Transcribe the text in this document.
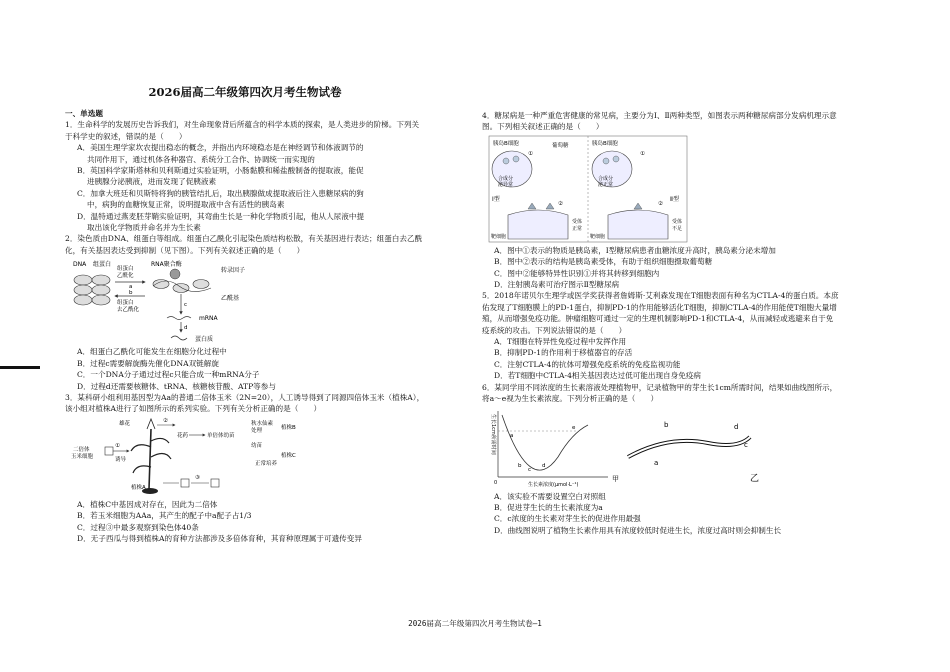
2026届高二年级第四次月考生物试卷
一、单选题

1．生命科学的发展历史告诉我们，对生命现象背后所蕴含的科学本质的探索，是人类进步的阶梯。下列关于科学史的叙述，错误的是（　　）

A．美国生理学家坎农提出稳态的概念，并指出内环境稳态是在神经调节和体液调节的

共同作用下，通过机体各种器官、系统分工合作、协调统一而实现的

B．英国科学家斯塔林和贝利斯通过实验证明，小肠黏膜和稀盐酸制备的提取液，能促

进胰腺分泌胰液，进而发现了促胰液素

C．加拿大班廷和贝斯特将狗的胰管结扎后，取出胰腺做成提取液后注入患糖尿病的狗

中，病狗的血糖恢复正常，说明提取液中含有活性的胰岛素

D．温特通过燕麦胚芽鞘实验证明，其弯曲生长是一种化学物质引起，他从人尿液中提

取出该化学物质并命名并为生长素

2．染色质由DNA、组蛋白等组成。组蛋白乙酰化引起染色质结构松散，有关基因进行表达；组蛋白去乙酰化，有关基因表达受到抑制（见下图）。下列有关叙述正确的是（　　）

DNA 组蛋白
组蛋白
乙酰化
组蛋白
去乙酰化
a
b
RNA聚合酶
转录因子
乙酰基
c
mRNA
d
蛋白质

A．组蛋白乙酰化可能发生在细胞分化过程中

B．过程c需要解旋酶先催化DNA双链解旋

C．一个DNA分子通过过程c只能合成一种mRNA分子

D．过程d还需要核糖体、tRNA、核糖核苷酸、ATP等参与

3．某科研小组利用基因型为Aa的普通二倍体玉米（2N=20），人工诱导得到了同源四倍体玉米（植株A），该小组对植株A进行了如图所示的系列实验。下列有关分析正确的是（　　）

二倍体
玉米细胞	诱导
①
雄花
植株A
②
花药	单倍体幼苗
秋水仙素
处理	植株B
幼苗
正常培养
植株C
③

A．植株C中基因成对存在，因此为二倍体

B．若玉米细胞为AAa，其产生的配子中a配子占1/3

C．过程③中最多观察到染色体40条

D．无子西瓜与得到植株A的育种方法都涉及多倍体育种，其育种原理属于可遗传变异

4．糖尿病是一种严重危害健康的常见病，主要分为Ⅰ、Ⅱ两种类型，如图表示两种糖尿病部分发病机理示意图。下列相关叙述正确的是（　　）

胰岛B细胞	胰岛B细胞
葡萄糖
合成分
泌异常
合成分
泌正常
①	①
Ⅰ型	Ⅱ型
②	②
靶细胞	靶细胞
受体
正常
受体
不足

A．图中①表示的物质是胰岛素，Ⅰ型糖尿病患者血糖浓度升高时，胰岛素分泌未增加

B．图中②表示的结构是胰岛素受体，有助于组织细胞摄取葡萄糖

C．图中②能够特异性识别①并将其转移到细胞内

D．注射胰岛素可治疗图示Ⅱ型糖尿病

5．2018年诺贝尔生理学或医学奖获得者詹姆斯·艾利森发现在T细胞表面有种名为CTLA-4的蛋白质。本庶佑发现了T细胞膜上的PD-1蛋白，抑制PD-1的作用能够活化T细胞，抑制CTLA-4的作用能使T细胞大量增殖，从而增强免疫功能。肿瘤细胞可通过一定的生理机制影响PD-1和CTLA-4，从而减轻或逃避来自于免疫系统的攻击。下列说法错误的是（　　）

A．T细胞在特异性免疫过程中发挥作用

B．抑制PD-1的作用利于移植器官的存活

C．注射CTLA-4的抗体可增强免疫系统的免疫监视功能

D．若T细胞中CTLA-4相关基因表达过低可能出现自身免疫病

6．某同学用不同浓度的生长素溶液处理植物甲，记录植物甲的芽生长1cm所需时间，结果如曲线图所示，将a～e视为生长素浓度。下列分析正确的是（　　）

生长1cm所需时间
生长素浓度(μmol·L⁻¹)
0
a
b
c
d
e
甲
b	d
c
a
乙

A．该实验不需要设置空白对照组

B．促进芽生长的生长素浓度为a

C．c浓度的生长素对芽生长的促进作用最强

D．曲线图说明了植物生长素作用具有浓度较低时促进生长，浓度过高时则会抑制生长

2026届高二年级第四次月考生物试卷—1
